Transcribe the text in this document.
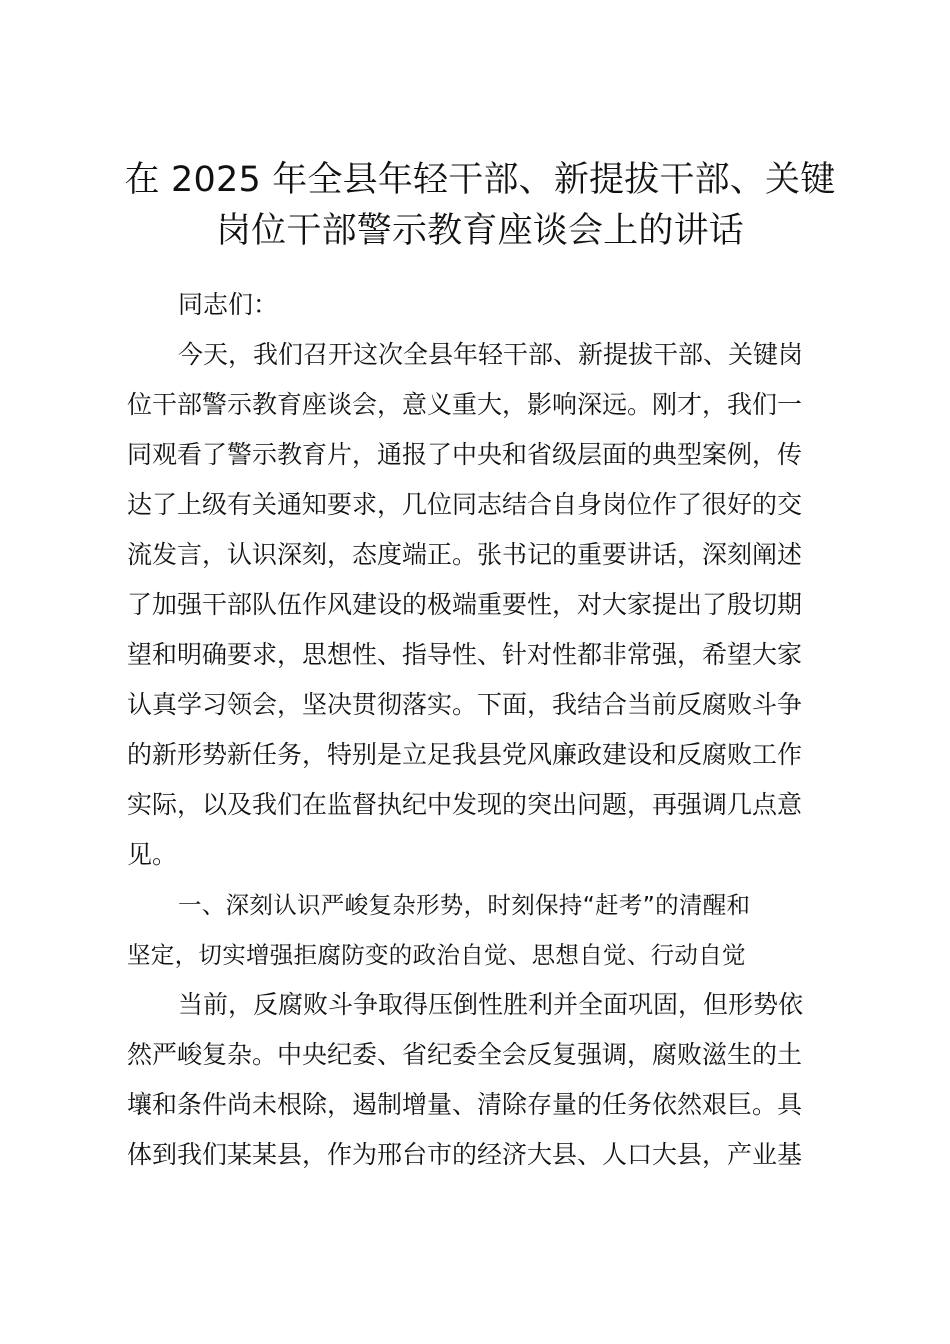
在 2025 年全县年轻干部、新提拔干部、关键
岗位干部警示教育座谈会上的讲话
同志们：
今天，我们召开这次全县年轻干部、新提拔干部、关键岗
位干部警示教育座谈会，意义重大，影响深远。刚才，我们一
同观看了警示教育片，通报了中央和省级层面的典型案例，传
达了上级有关通知要求，几位同志结合自身岗位作了很好的交
流发言，认识深刻，态度端正。张书记的重要讲话，深刻阐述
了加强干部队伍作风建设的极端重要性，对大家提出了殷切期
望和明确要求，思想性、指导性、针对性都非常强，希望大家
认真学习领会，坚决贯彻落实。下面，我结合当前反腐败斗争
的新形势新任务，特别是立足我县党风廉政建设和反腐败工作
实际，以及我们在监督执纪中发现的突出问题，再强调几点意
见。
一、深刻认识严峻复杂形势，时刻保持“赶考”的清醒和
坚定，切实增强拒腐防变的政治自觉、思想自觉、行动自觉
当前，反腐败斗争取得压倒性胜利并全面巩固，但形势依
然严峻复杂。中央纪委、省纪委全会反复强调，腐败滋生的土
壤和条件尚未根除，遏制增量、清除存量的任务依然艰巨。具
体到我们某某县，作为邢台市的经济大县、人口大县，产业基
